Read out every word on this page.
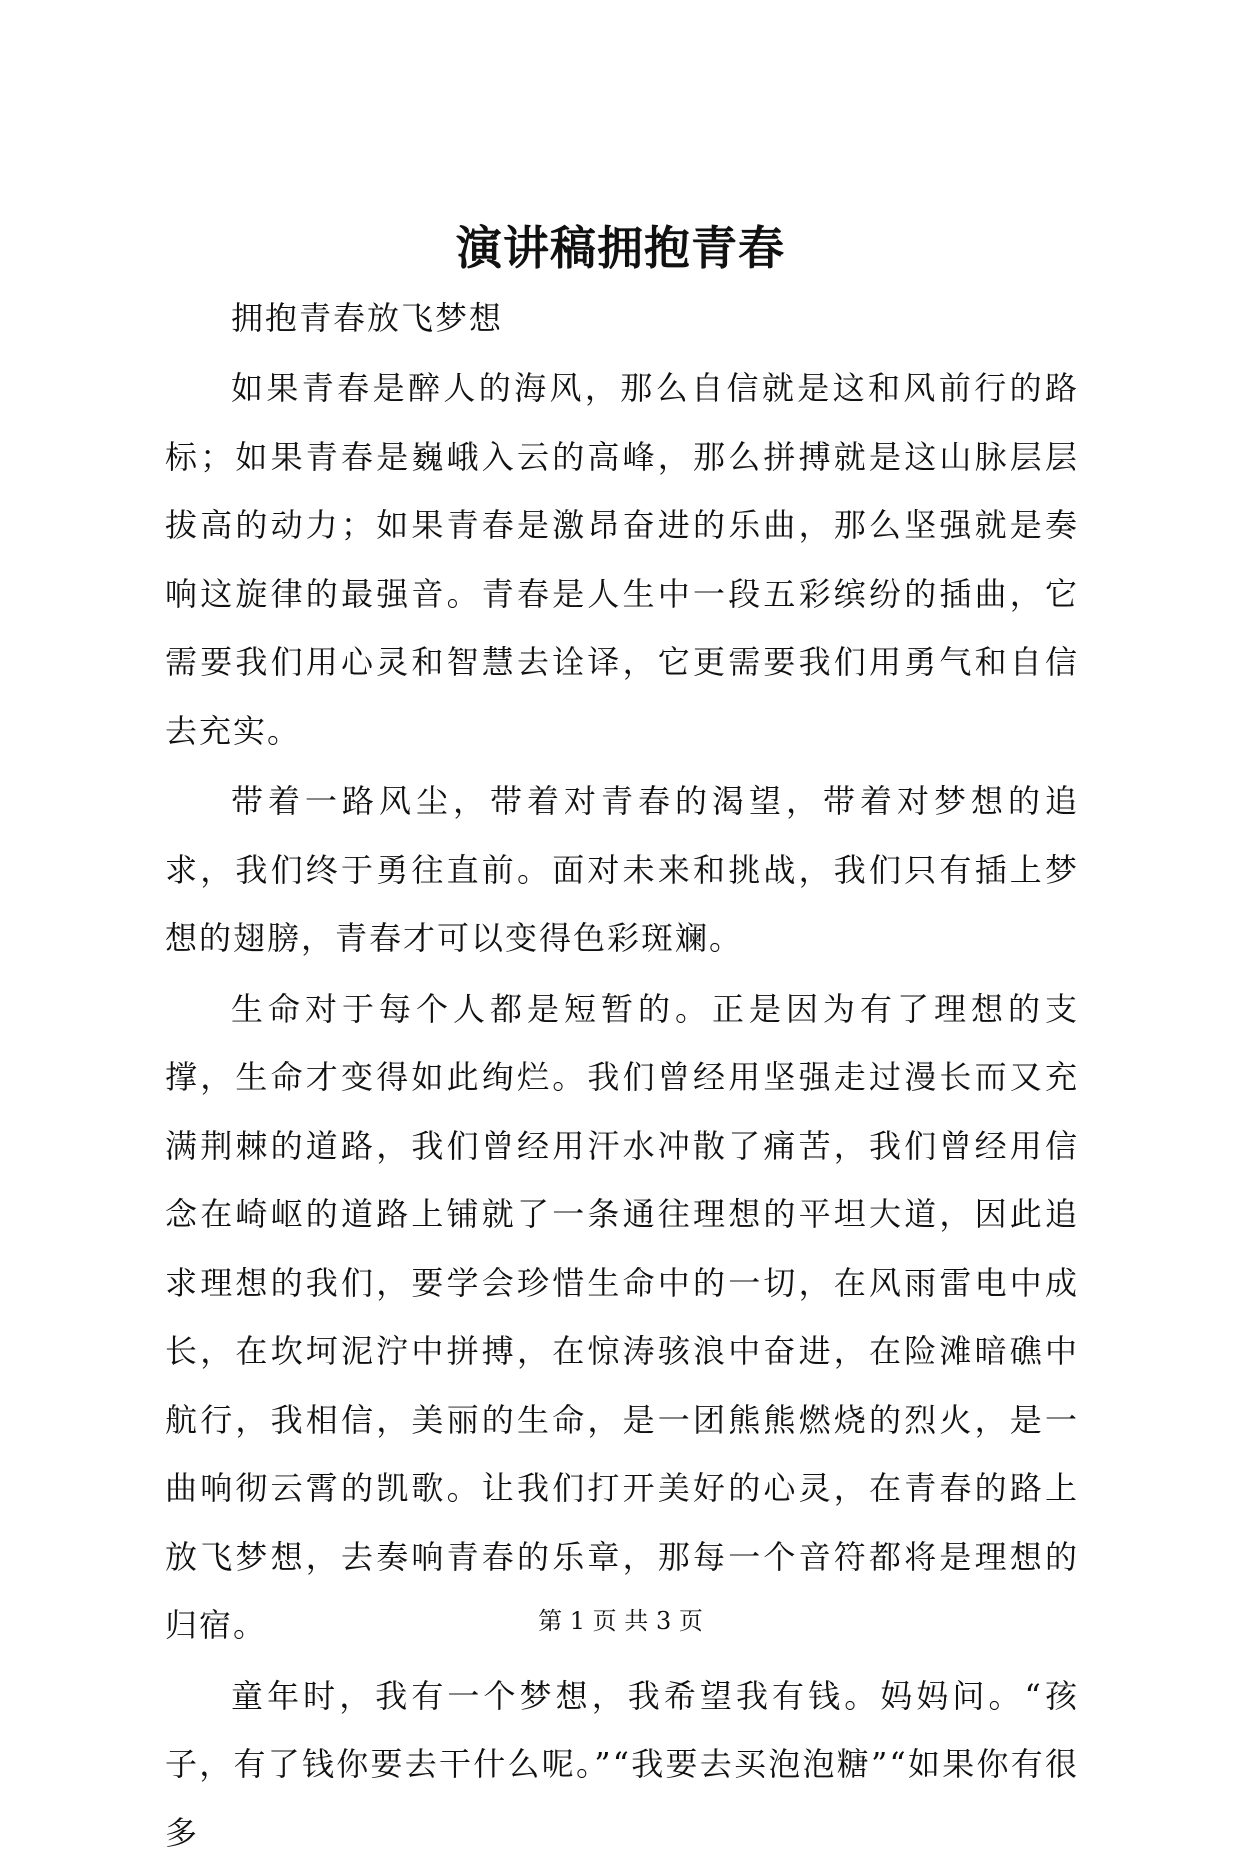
演讲稿拥抱青春

拥抱青春放飞梦想

如果青春是醉人的海风，那么自信就是这和风前行的路标；如果青春是巍峨入云的高峰，那么拼搏就是这山脉层层拔高的动力；如果青春是激昂奋进的乐曲，那么坚强就是奏响这旋律的最强音。青春是人生中一段五彩缤纷的插曲，它需要我们用心灵和智慧去诠译，它更需要我们用勇气和自信去充实。

带着一路风尘，带着对青春的渴望，带着对梦想的追求，我们终于勇往直前。面对未来和挑战，我们只有插上梦想的翅膀，青春才可以变得色彩斑斓。

生命对于每个人都是短暂的。正是因为有了理想的支撑，生命才变得如此绚烂。我们曾经用坚强走过漫长而又充满荆棘的道路，我们曾经用汗水冲散了痛苦，我们曾经用信念在崎岖的道路上铺就了一条通往理想的平坦大道，因此追求理想的我们，要学会珍惜生命中的一切，在风雨雷电中成长，在坎坷泥泞中拼搏，在惊涛骇浪中奋进，在险滩暗礁中航行，我相信，美丽的生命，是一团熊熊燃烧的烈火，是一曲响彻云霄的凯歌。让我们打开美好的心灵，在青春的路上放飞梦想，去奏响青春的乐章，那每一个音符都将是理想的归宿。

童年时，我有一个梦想，我希望我有钱。妈妈问。“孩子，有了钱你要去干什么呢。”“我要去买泡泡糖”“如果你有很多

第 1 页 共 3 页
